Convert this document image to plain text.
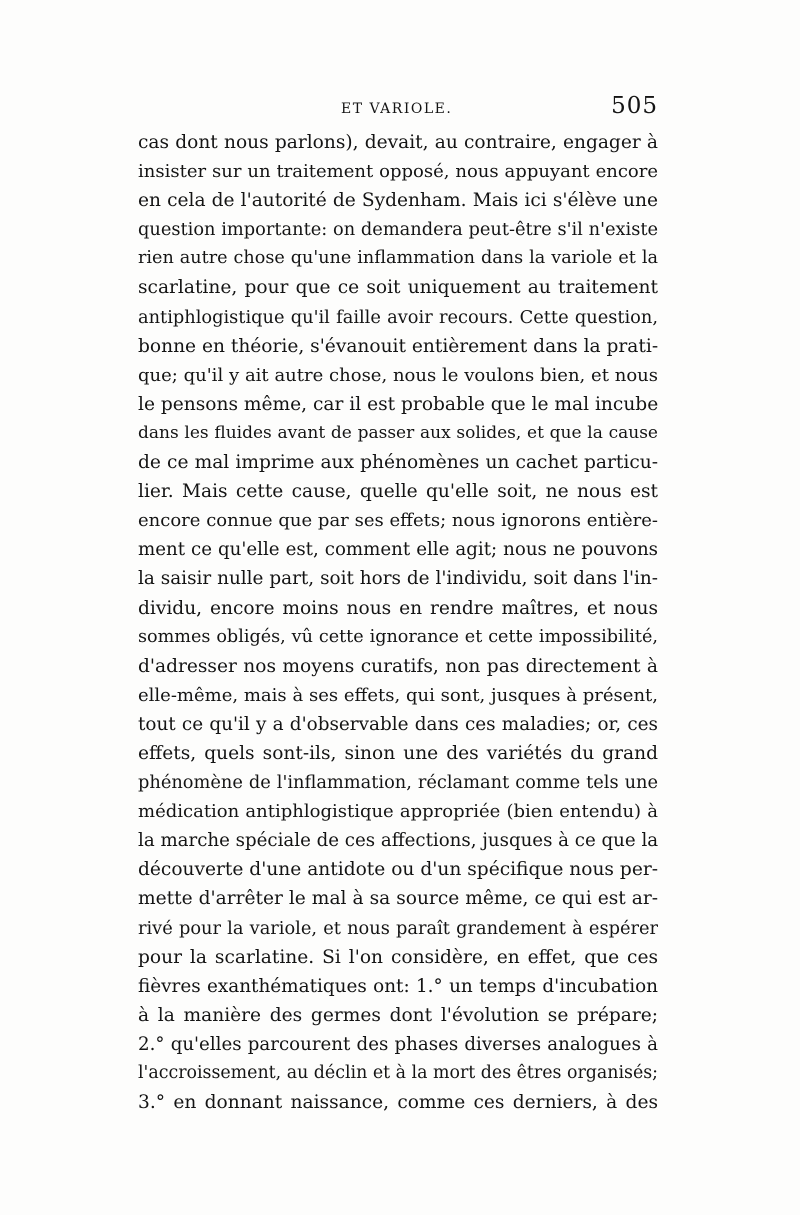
ET VARIOLE.	505
cas dont nous parlons), devait, au contraire, engager à
insister sur un traitement opposé, nous appuyant encore
en cela de l'autorité de Sydenham. Mais ici s'élève une
question importante: on demandera peut-être s'il n'existe
rien autre chose qu'une inflammation dans la variole et la
scarlatine, pour que ce soit uniquement au traitement
antiphlogistique qu'il faille avoir recours. Cette question,
bonne en théorie, s'évanouit entièrement dans la prati-
que; qu'il y ait autre chose, nous le voulons bien, et nous
le pensons même, car il est probable que le mal incube
dans les fluides avant de passer aux solides, et que la cause
de ce mal imprime aux phénomènes un cachet particu-
lier. Mais cette cause, quelle qu'elle soit, ne nous est
encore connue que par ses effets; nous ignorons entière-
ment ce qu'elle est, comment elle agit; nous ne pouvons
la saisir nulle part, soit hors de l'individu, soit dans l'in-
dividu, encore moins nous en rendre maîtres, et nous
sommes obligés, vû cette ignorance et cette impossibilité,
d'adresser nos moyens curatifs, non pas directement à
elle-même, mais à ses effets, qui sont, jusques à présent,
tout ce qu'il y a d'observable dans ces maladies; or, ces
effets, quels sont-ils, sinon une des variétés du grand
phénomène de l'inflammation, réclamant comme tels une
médication antiphlogistique appropriée (bien entendu) à
la marche spéciale de ces affections, jusques à ce que la
découverte d'une antidote ou d'un spécifique nous per-
mette d'arrêter le mal à sa source même, ce qui est ar-
rivé pour la variole, et nous paraît grandement à espérer
pour la scarlatine. Si l'on considère, en effet, que ces
fièvres exanthématiques ont: 1.° un temps d'incubation
à la manière des germes dont l'évolution se prépare;
2.° qu'elles parcourent des phases diverses analogues à
l'accroissement, au déclin et à la mort des êtres organisés;
3.° en donnant naissance, comme ces derniers, à des
